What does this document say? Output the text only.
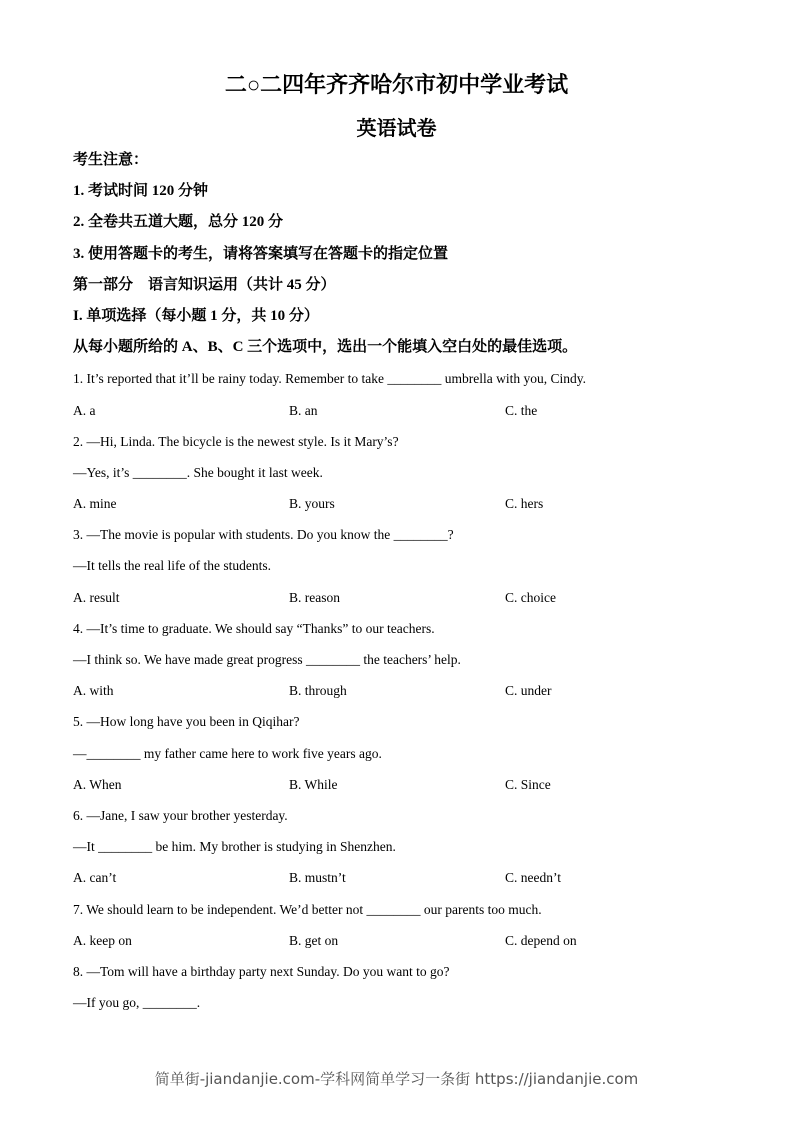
二○二四年齐齐哈尔市初中学业考试
英语试卷
考生注意：
1. 考试时间 120 分钟
2. 全卷共五道大题，总分 120 分
3. 使用答题卡的考生，请将答案填写在答题卡的指定位置
第一部分    语言知识运用（共计 45 分）
I. 单项选择（每小题 1 分，共 10 分）
从每小题所给的 A、B、C 三个选项中，选出一个能填入空白处的最佳选项。
1. It’s reported that it’ll be rainy today. Remember to take ________ umbrella with you, Cindy.
A. a	B. an	C. the
2. —Hi, Linda. The bicycle is the newest style. Is it Mary’s?
—Yes, it’s ________. She bought it last week.
A. mine	B. yours	C. hers
3. —The movie is popular with students. Do you know the ________?
—It tells the real life of the students.
A. result	B. reason	C. choice
4. —It’s time to graduate. We should say “Thanks” to our teachers.
—I think so. We have made great progress ________ the teachers’ help.
A. with	B. through	C. under
5. —How long have you been in Qiqihar?
—________ my father came here to work five years ago.
A. When	B. While	C. Since
6. —Jane, I saw your brother yesterday.
—It ________ be him. My brother is studying in Shenzhen.
A. can’t	B. mustn’t	C. needn’t
7. We should learn to be independent. We’d better not ________ our parents too much.
A. keep on	B. get on	C. depend on
8. —Tom will have a birthday party next Sunday. Do you want to go?
—If you go, ________.
简单街-jiandanjie.com-学科网简单学习一条街 https://jiandanjie.com
